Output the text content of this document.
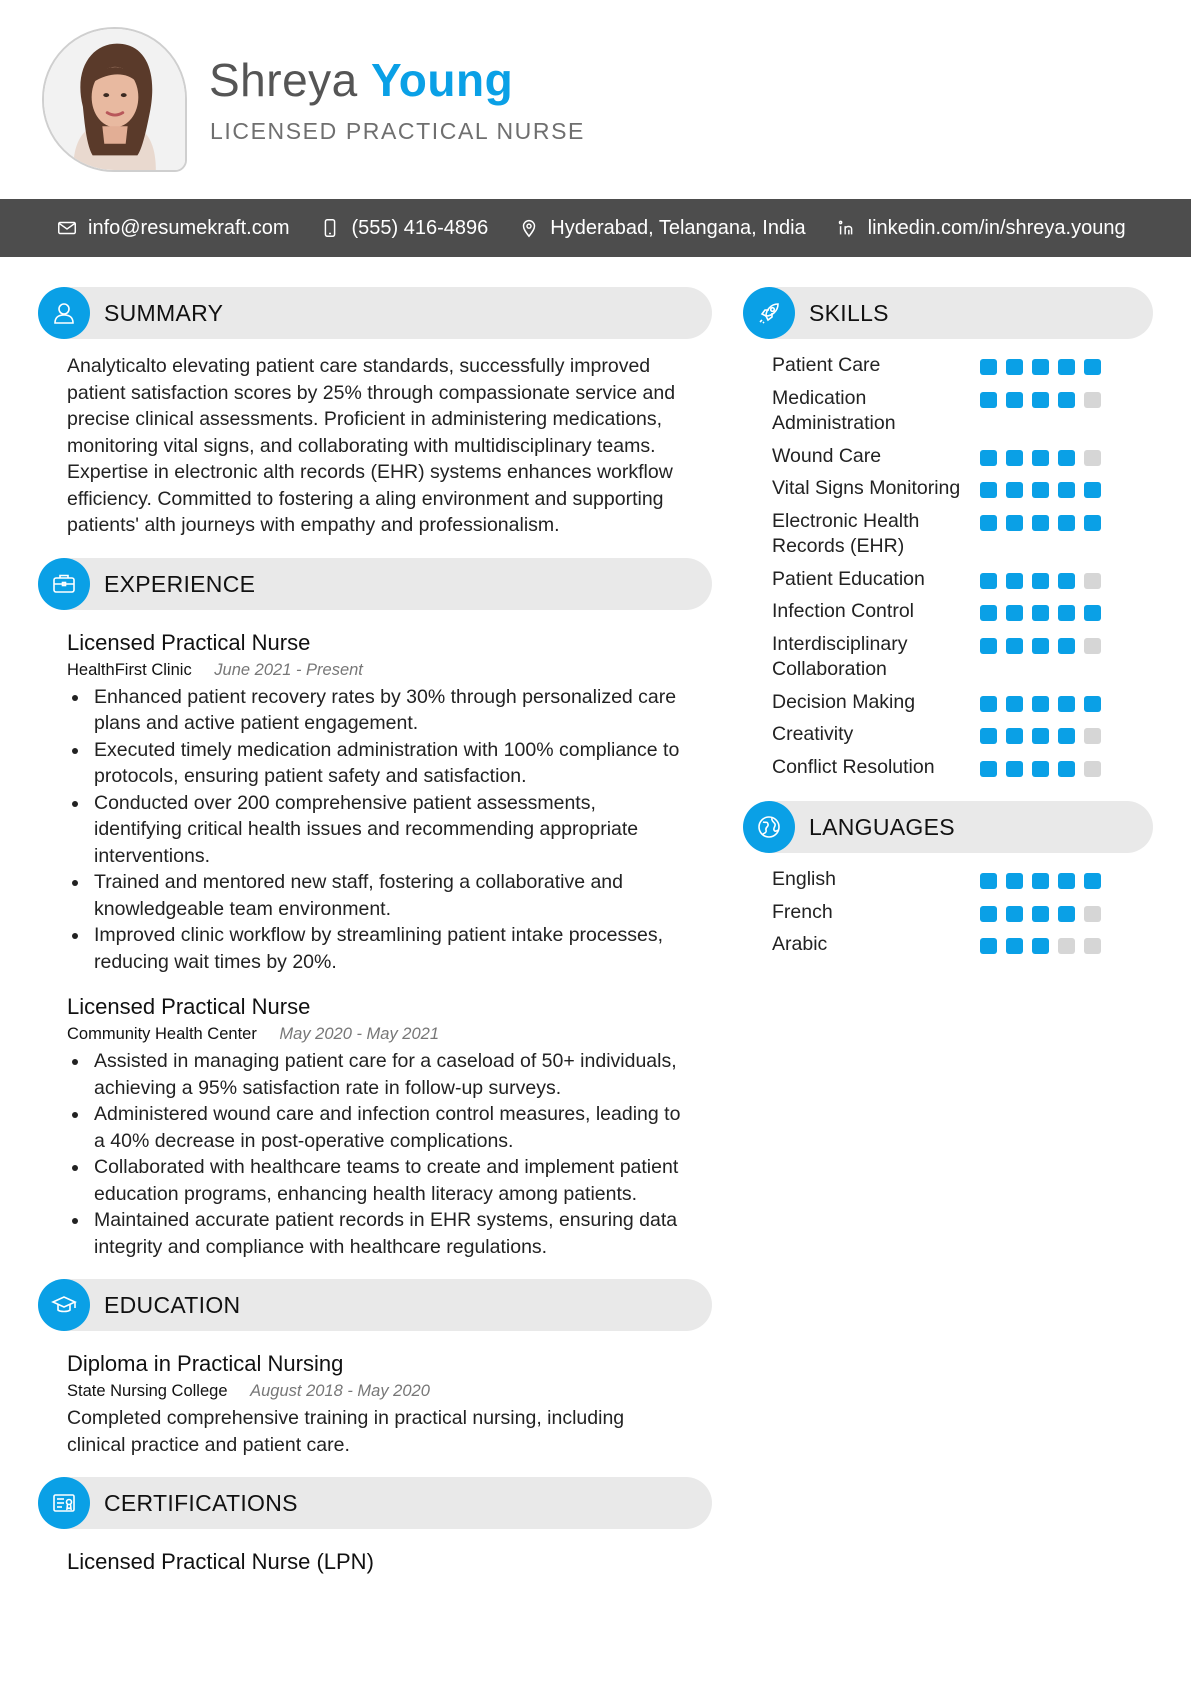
Shreya Young
LICENSED PRACTICAL NURSE
info@resumekraft.com	(555) 416-4896	Hyderabad, Telangana, India	linkedin.com/in/shreya.young
SUMMARY

Analyticalto elevating patient care standards, successfully improved patient satisfaction scores by 25% through compassionate service and precise clinical assessments. Proficient in administering medications, monitoring vital signs, and collaborating with multidisciplinary teams. Expertise in electronic alth records (EHR) systems enhances workflow efficiency. Committed to fostering a aling environment and supporting patients' alth journeys with empathy and professionalism.

EXPERIENCE
Licensed Practical Nurse
HealthFirst Clinic June 2021 - Present
Enhanced patient recovery rates by 30% through personalized care plans and active patient engagement.
Executed timely medication administration with 100% compliance to protocols, ensuring patient safety and satisfaction.
Conducted over 200 comprehensive patient assessments, identifying critical health issues and recommending appropriate interventions.
Trained and mentored new staff, fostering a collaborative and knowledgeable team environment.
Improved clinic workflow by streamlining patient intake processes, reducing wait times by 20%.
Licensed Practical Nurse
Community Health Center May 2020 - May 2021
Assisted in managing patient care for a caseload of 50+ individuals, achieving a 95% satisfaction rate in follow-up surveys.
Administered wound care and infection control measures, leading to a 40% decrease in post-operative complications.
Collaborated with healthcare teams to create and implement patient education programs, enhancing health literacy among patients.
Maintained accurate patient records in EHR systems, ensuring data integrity and compliance with healthcare regulations.
EDUCATION
Diploma in Practical Nursing
State Nursing College August 2018 - May 2020

Completed comprehensive training in practical nursing, including clinical practice and patient care.

CERTIFICATIONS
Licensed Practical Nurse (LPN)
SKILLS
Patient Care
Medication Administration
Wound Care
Vital Signs Monitoring
Electronic Health Records (EHR)
Patient Education
Infection Control
Interdisciplinary Collaboration
Decision Making
Creativity
Conflict Resolution
LANGUAGES
English
French
Arabic
